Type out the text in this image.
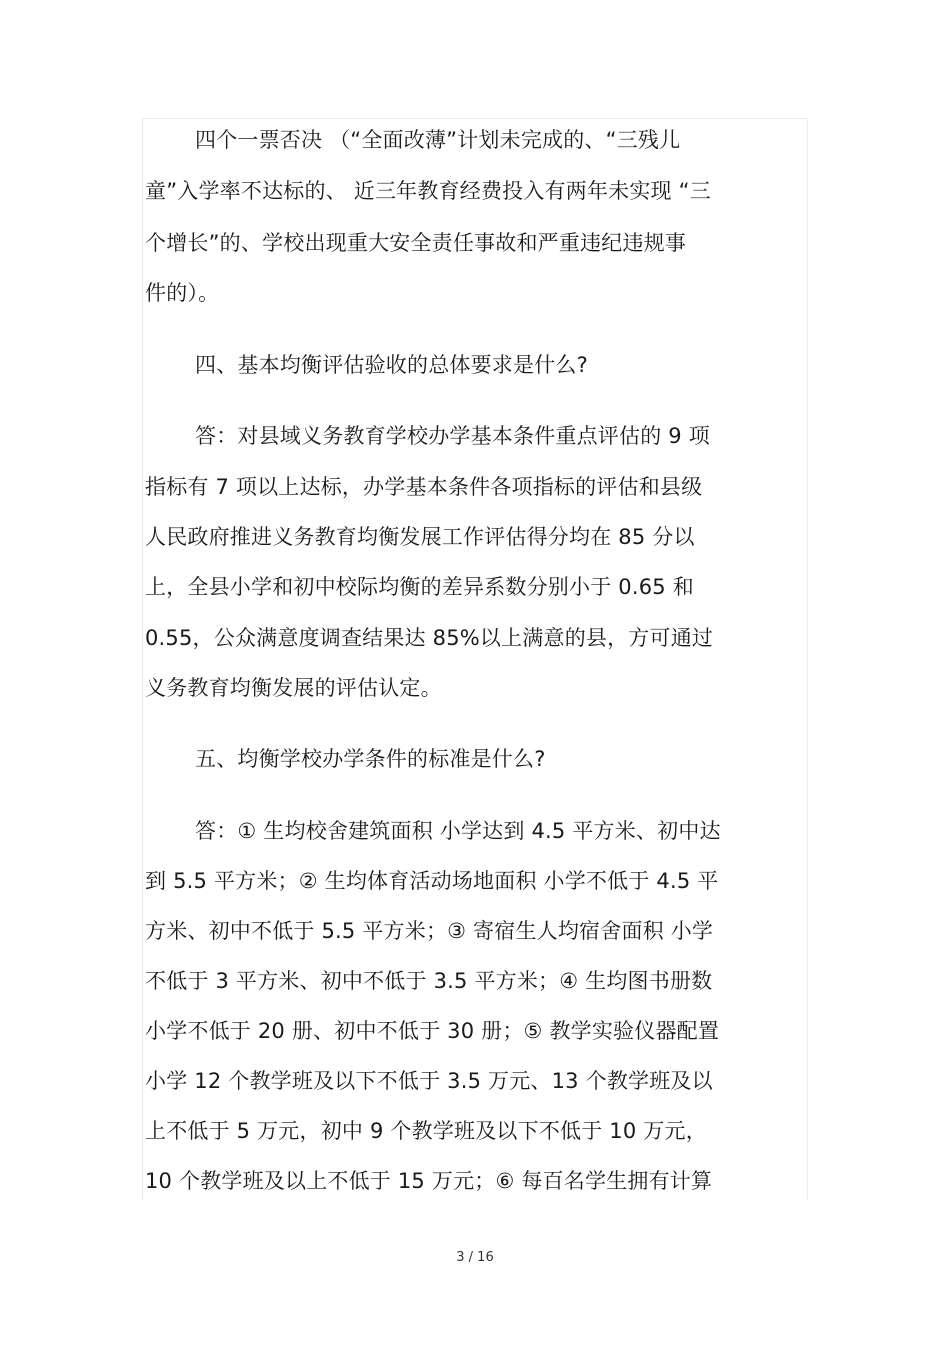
四个一票否决 （“全面改薄”计划未完成的、“三残儿
童”入学率不达标的、 近三年教育经费投入有两年未实现 “三
个增长”的、学校出现重大安全责任事故和严重违纪违规事
件的）。
四、基本均衡评估验收的总体要求是什么?
答：对县域义务教育学校办学基本条件重点评估的 9 项
指标有 7 项以上达标，办学基本条件各项指标的评估和县级
人民政府推进义务教育均衡发展工作评估得分均在 85 分以
上，全县小学和初中校际均衡的差异系数分别小于 0.65 和
0.55，公众满意度调查结果达 85%以上满意的县，方可通过
义务教育均衡发展的评估认定。
五、均衡学校办学条件的标准是什么?
答：① 生均校舍建筑面积 小学达到 4.5 平方米、初中达
到 5.5 平方米；② 生均体育活动场地面积 小学不低于 4.5 平
方米、初中不低于 5.5 平方米；③ 寄宿生人均宿舍面积 小学
不低于 3 平方米、初中不低于 3.5 平方米；④ 生均图书册数
小学不低于 20 册、初中不低于 30 册；⑤ 教学实验仪器配置
小学 12 个教学班及以下不低于 3.5 万元、13 个教学班及以
上不低于 5 万元，初中 9 个教学班及以下不低于 10 万元，
10 个教学班及以上不低于 15 万元；⑥ 每百名学生拥有计算
3 / 16
